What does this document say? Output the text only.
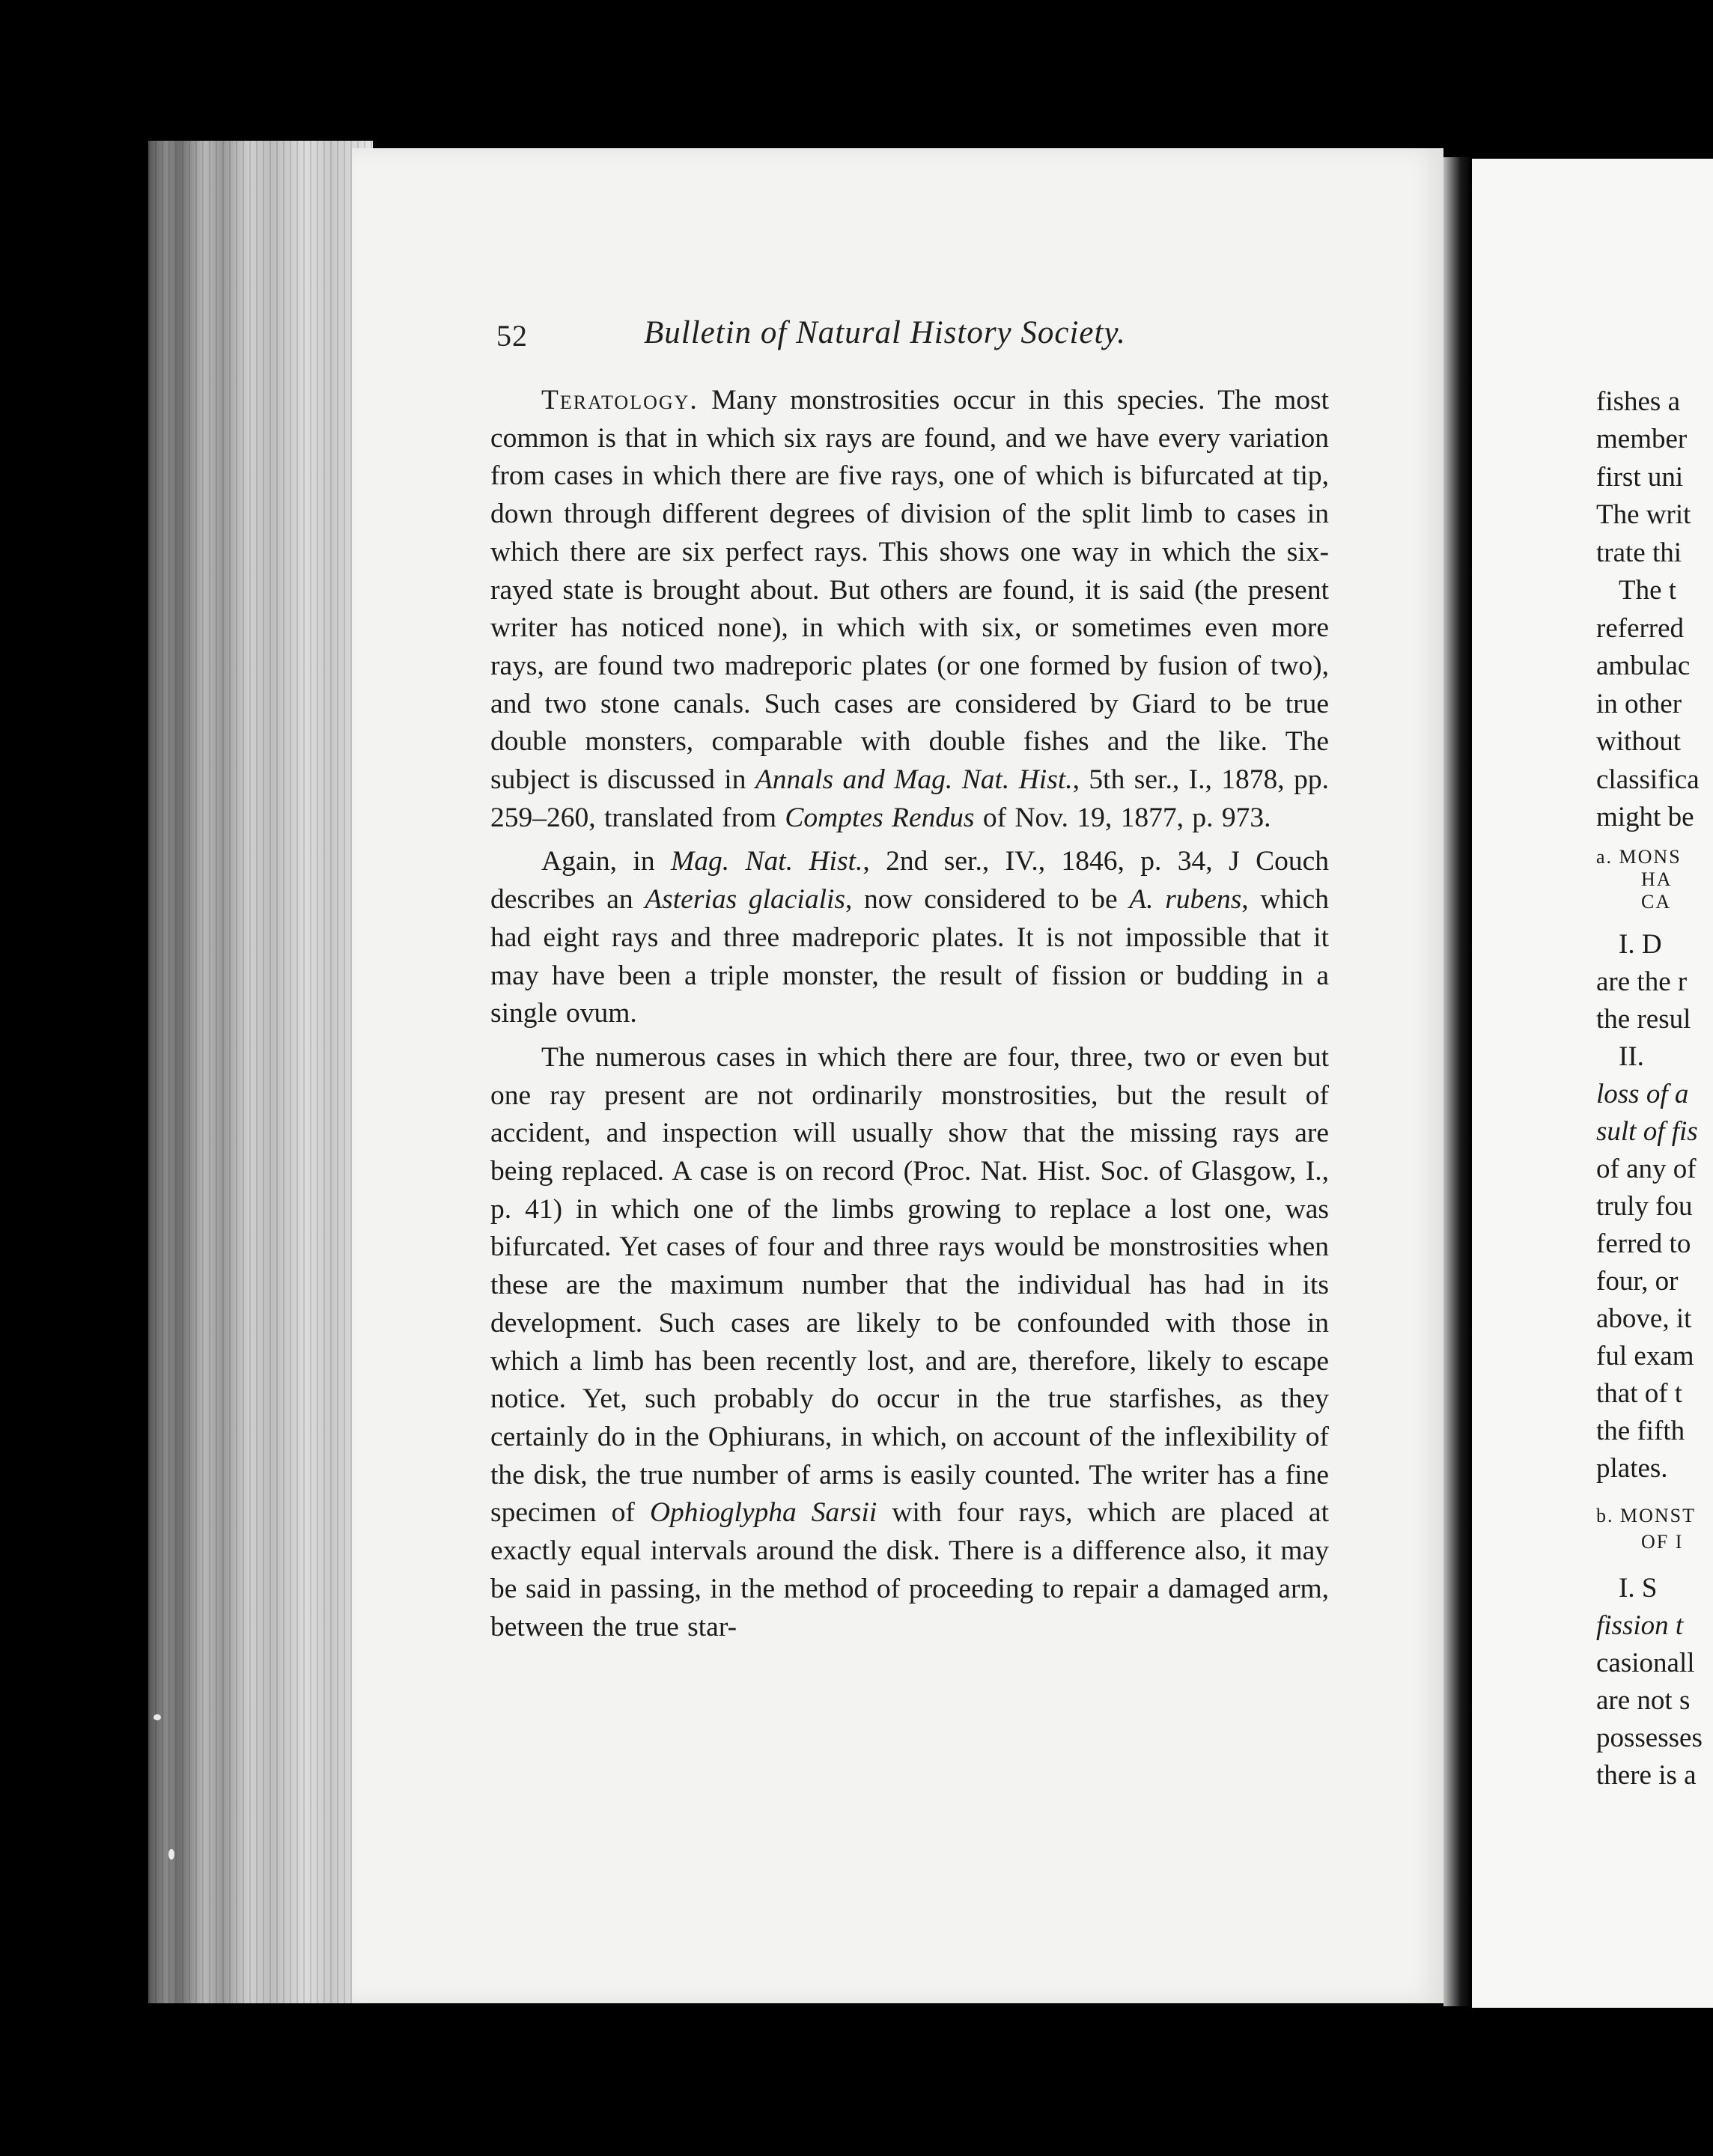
52	Bulletin of Natural History Society.

Teratology. Many monstrosities occur in this species. The most common is that in which six rays are found, and we have every variation from cases in which there are five rays, one of which is bifurcated at tip, down through different degrees of division of the split limb to cases in which there are six perfect rays. This shows one way in which the six-rayed state is brought about. But others are found, it is said (the present writer has noticed none), in which with six, or sometimes even more rays, are found two madreporic plates (or one formed by fusion of two), and two stone canals. Such cases are considered by Giard to be true double monsters, comparable with double fishes and the like. The subject is discussed in Annals and Mag. Nat. Hist., 5th ser., I., 1878, pp. 259–260, translated from Comptes Rendus of Nov. 19, 1877, p. 973.

Again, in Mag. Nat. Hist., 2nd ser., IV., 1846, p. 34, J Couch describes an Asterias glacialis, now considered to be A. rubens, which had eight rays and three madreporic plates. It is not impossible that it may have been a triple monster, the result of fission or budding in a single ovum.

The numerous cases in which there are four, three, two or even but one ray present are not ordinarily monstrosities, but the result of accident, and inspection will usually show that the missing rays are being replaced. A case is on record (Proc. Nat. Hist. Soc. of Glasgow, I., p. 41) in which one of the limbs growing to replace a lost one, was bifurcated. Yet cases of four and three rays would be monstrosities when these are the maximum number that the individual has had in its development. Such cases are likely to be confounded with those in which a limb has been recently lost, and are, therefore, likely to escape notice. Yet, such probably do occur in the true starfishes, as they certainly do in the Ophiurans, in which, on account of the inflexibility of the disk, the true number of arms is easily counted. The writer has a fine specimen of Ophioglypha Sarsii with four rays, which are placed at exactly equal intervals around the disk. There is a difference also, it may be said in passing, in the method of proceeding to repair a damaged arm, between the true star-

fishes a
member
first uni
The writ
trate thi
The t
referred
ambulac
in other
without
classifica
might be
a. MONS
HA
CA
I. D
are the r
the resul
II.
loss of a
sult of fis
of any of
truly fou
ferred to
four, or
above, it
ful exam
that of t
the fifth
plates.
b. MONST
OF I
I. S
fission t
casionall
are not s
possesses
there is a
